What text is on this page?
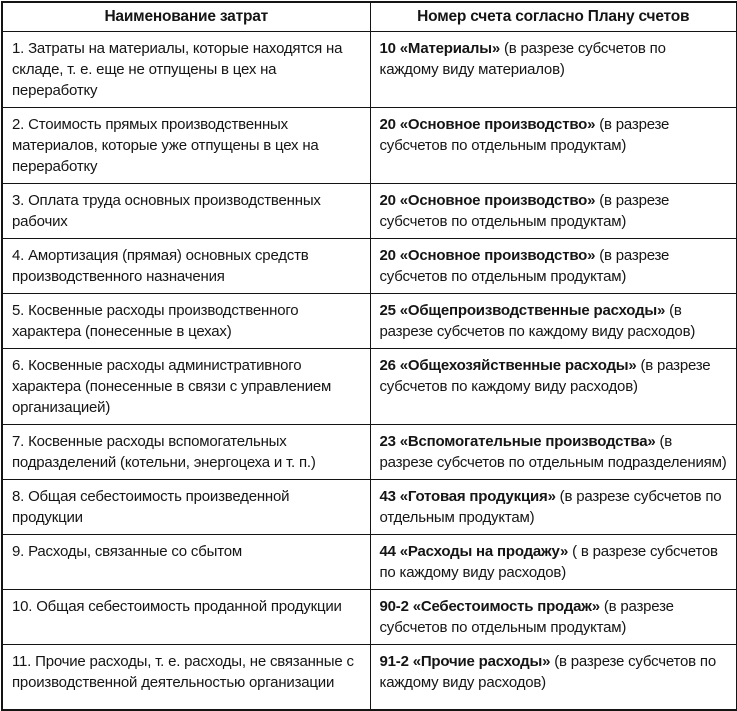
Наименование затрат	Номер счета согласно Плану счетов
1. Затраты на материалы, которые находятся на складе, т. е. еще не отпущены в цех на переработку	10 «Материалы» (в разрезе субсчетов по каждому виду материалов)
2. Стоимость прямых производственных материалов, которые уже отпущены в цех на переработку	20 «Основное производство» (в разрезе субсчетов по отдельным продуктам)
3. Оплата труда основных производственных рабочих	20 «Основное производство» (в разрезе субсчетов по отдельным продуктам)
4. Амортизация (прямая) основных средств производственного назначения	20 «Основное производство» (в разрезе субсчетов по отдельным продуктам)
5. Косвенные расходы производственного характера (понесенные в цехах)	25 «Общепроизводственные расходы» (в разрезе субсчетов по каждому виду расходов)
6. Косвенные расходы административного характера (понесенные в связи с управлением организацией)	26 «Общехозяйственные расходы» (в разрезе субсчетов по каждому виду расходов)
7. Косвенные расходы вспомогательных подразделений (котельни, энергоцеха и т. п.)	23 «Вспомогательные производства» (в разрезе субсчетов по отдельным подразделениям)
8. Общая себестоимость произведенной продукции	43 «Готовая продукция» (в разрезе субсчетов по отдельным продуктам)
9. Расходы, связанные со сбытом	44 «Расходы на продажу» ( в разрезе субсчетов по каждому виду расходов)
10. Общая себестоимость проданной продукции	90-2 «Себестоимость продаж» (в разрезе субсчетов по отдельным продуктам)
11. Прочие расходы, т. е. расходы, не связанные с производственной деятельностью организации	91-2 «Прочие расходы» (в разрезе субсчетов по каждому виду расходов)
